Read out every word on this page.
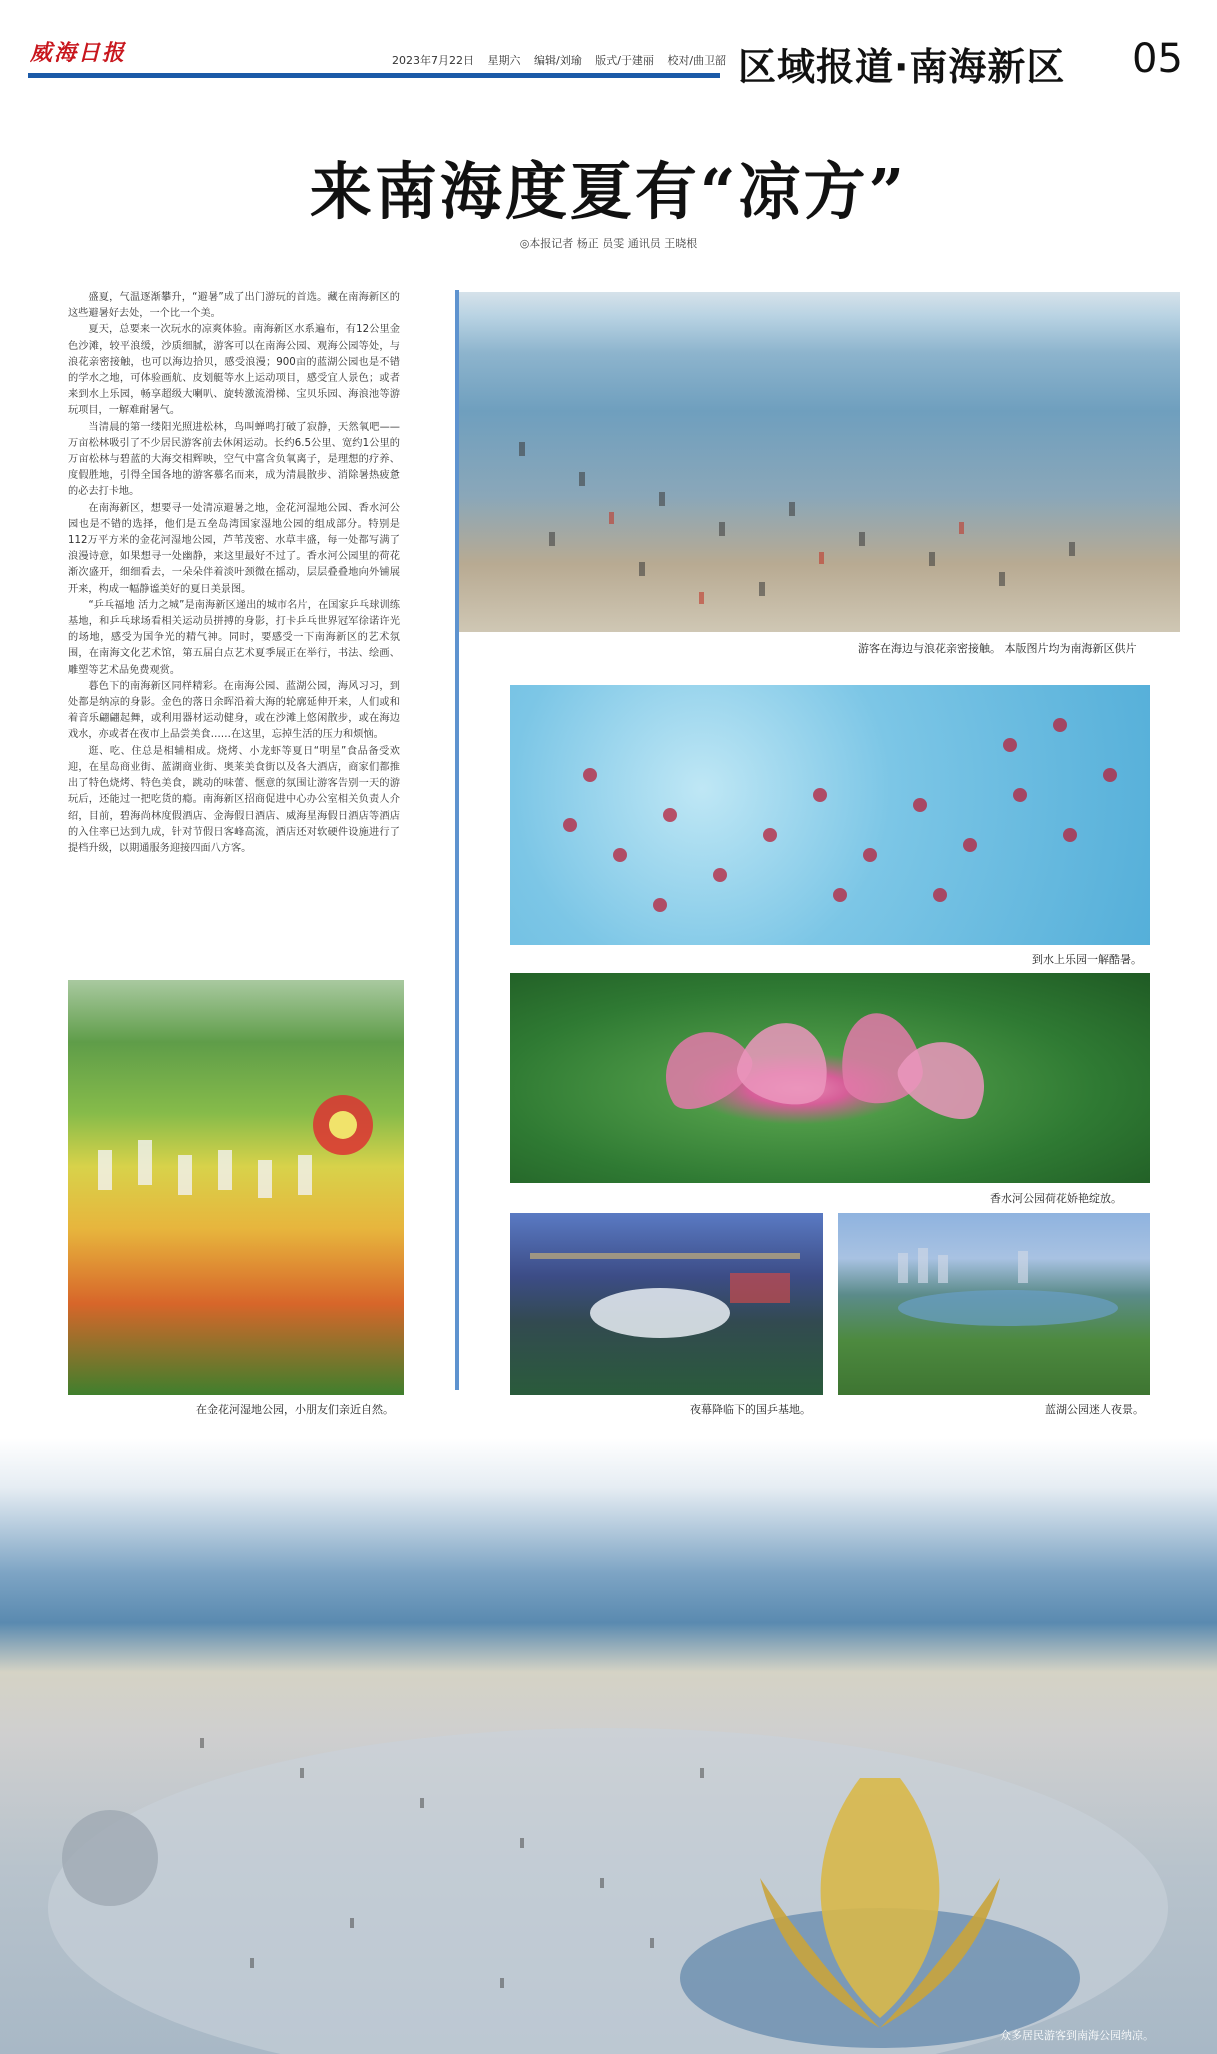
威海日报	2023年7月22日 星期六 编辑/刘瑜 版式/于建丽 校对/曲卫韶 区域报道·南海新区 05
来南海度夏有“凉方”
◎本报记者 杨正 员雯 通讯员 王晓根

盛夏，气温逐渐攀升，“避暑”成了出门游玩的首选。藏在南海新区的这些避暑好去处，一个比一个美。

夏天，总要来一次玩水的凉爽体验。南海新区水系遍布，有12公里金色沙滩，较平浪缓，沙质细腻，游客可以在南海公园、观海公园等处，与浪花亲密接触，也可以海边拾贝，感受浪漫；900亩的蓝湖公园也是不错的学水之地，可体验画航、皮划艇等水上运动项目，感受宜人景色；或者来到水上乐园，畅享超级大喇叭、旋转激流滑梯、宝贝乐园、海浪池等游玩项目，一解难耐暑气。

当清晨的第一缕阳光照进松林，鸟叫蝉鸣打破了寂静，天然氧吧——万亩松林吸引了不少居民游客前去休闲运动。长约6.5公里、宽约1公里的万亩松林与碧蓝的大海交相辉映，空气中富含负氧离子，是理想的疗养、度假胜地，引得全国各地的游客慕名而来，成为清晨散步、消除暑热疲惫的必去打卡地。

在南海新区，想要寻一处清凉避暑之地，金花河湿地公园、香水河公园也是不错的选择，他们是五垒岛湾国家湿地公园的组成部分。特别是112万平方米的金花河湿地公园，芦苇茂密、水草丰盛，每一处都写满了浪漫诗意，如果想寻一处幽静，来这里最好不过了。香水河公园里的荷花渐次盛开，细细看去，一朵朵伴着淡叶颈微在摇动，层层叠叠地向外铺展开来，构成一幅静谧美好的夏日美景图。

“乒乓福地 活力之城”是南海新区递出的城市名片，在国家乒乓球训练基地，和乒乓球场看相关运动员拼搏的身影，打卡乒乓世界冠军徐诺许光的场地，感受为国争光的精气神。同时，要感受一下南海新区的艺术氛围，在南海文化艺术馆，第五届白点艺术夏季展正在举行，书法、绘画、雕塑等艺术品免费观赏。

暮色下的南海新区同样精彩。在南海公园、蓝湖公园，海风习习，到处都是纳凉的身影。金色的落日余晖沿着大海的轮廓延伸开来，人们或和着音乐翩翩起舞，或利用器材运动健身，或在沙滩上悠闲散步，或在海边戏水，亦或者在夜市上品尝美食……在这里，忘掉生活的压力和烦恼。

逛、吃、住总是相辅相成。烧烤、小龙虾等夏日“明星”食品备受欢迎，在星岛商业街、蓝湖商业街、奥莱美食街以及各大酒店，商家们都推出了特色烧烤、特色美食，跳动的味蕾、惬意的氛围让游客告别一天的游玩后，还能过一把吃货的瘾。南海新区招商促进中心办公室相关负责人介绍，目前，碧海尚林度假酒店、金海假日酒店、威海星海假日酒店等酒店的入住率已达到九成，针对节假日客峰高流，酒店还对软硬件设施进行了提档升级，以期通服务迎接四面八方客。

游客在海边与浪花亲密接触。 本版图片均为南海新区供片
到水上乐园一解酷暑。
香水河公园荷花娇艳绽放。
在金花河湿地公园，小朋友们亲近自然。	夜幕降临下的国乒基地。	蓝湖公园迷人夜景。
众多居民游客到南海公园纳凉。
